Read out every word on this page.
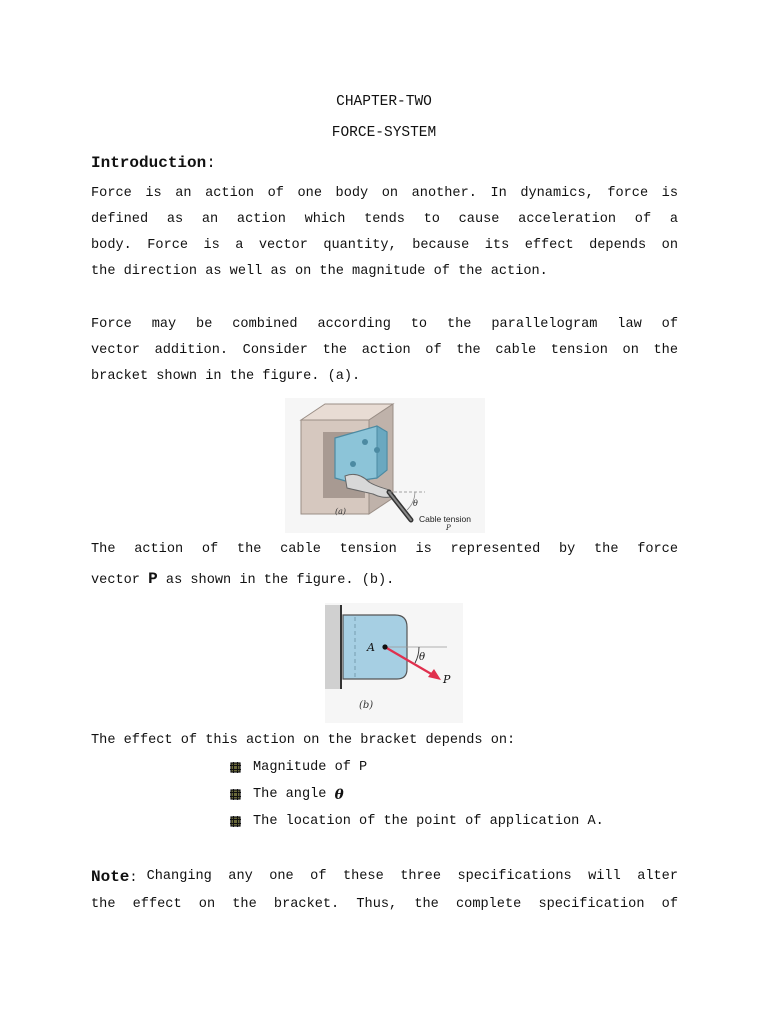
CHAPTER-TWO
FORCE-SYSTEM
Introduction:
Force is an action of one body on another. In dynamics, force is
defined as an action which tends to cause acceleration of a
body. Force is a vector quantity, because its effect depends on
the direction as well as on the magnitude of the action.
Force may be combined according to the parallelogram law of
vector addition. Consider the action of the cable tension on the
bracket shown in the figure. (a).
θ
(a)
Cable tension
P
The action of the cable tension is represented by the force
vector P as shown in the figure. (b).
A
θ
P
(b)
The effect of this action on the bracket depends on:
Magnitude of P
The angle
θ
The location of the point of application A.
Note: Changing any one of these three specifications will alter
the effect on the bracket. Thus, the complete specification of
